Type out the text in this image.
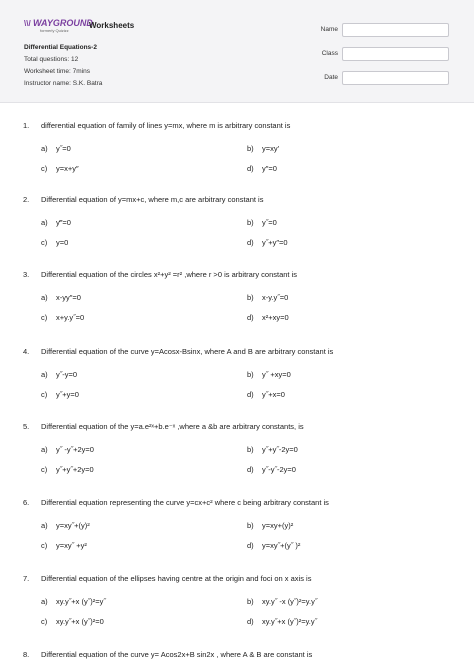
\\/ WAYGROUND
formerly Quizizz
Worksheets
Differential Equations-2
Total questions: 12
Worksheet time: 7mins
Instructor name: S.K. Batra
Name
Class
Date
1. differential equation of family of lines y=mx, where m is arbitrary constant is
a) y˝=0	b) y=xy'
c) y=x+y″	d) y″=0
2. Differential equation of y=mx+c, where m,c are arbitrary constant is
a) y‴=0	b) y˝=0
c) y=0	d) y˝+y″=0
3. Differential equation of the circles x²+y² =r² ,where r >0 is arbitrary constant is
a) x-yy″=0	b) x-y.y˝=0
c) x+y.y˝=0	d) x²+xy=0
4. Differential equation of the curve y=Acosx-Bsinx, where A and B are arbitrary constant is
a) y˝-y=0	b) y˝ +xy=0
c) y˝+y=0	d) y˝+x=0
5. Differential equation of the y=a.e²ˣ+b.e⁻ˣ ,where a &b are arbitrary constants, is
a) y˝ -y˝+2y=0	b) y˝+y˝-2y=0
c) y˝+y˝+2y=0	d) y˝-y˝-2y=0
6. Differential equation representing the curve y=cx+c² where c being arbitrary constant is
a) y=xy˝+(y)²	b) y=xy+(y)²
c) y=xy˝ +y²	d) y=xy˝+(y˝ )²
7. Differential equation of the ellipses having centre at the origin and foci on x axis is
a) xy.y˝+x (y˝)²=y˝	b) xy.y˝ -x (y˝)²=y.y˝
c) xy.y˝+x (y˝)²=0	d) xy.y˝+x (y˝)²=y.y˝
8. Differential equation of the curve y= Acos2x+B sin2x , where A & B are constant is
